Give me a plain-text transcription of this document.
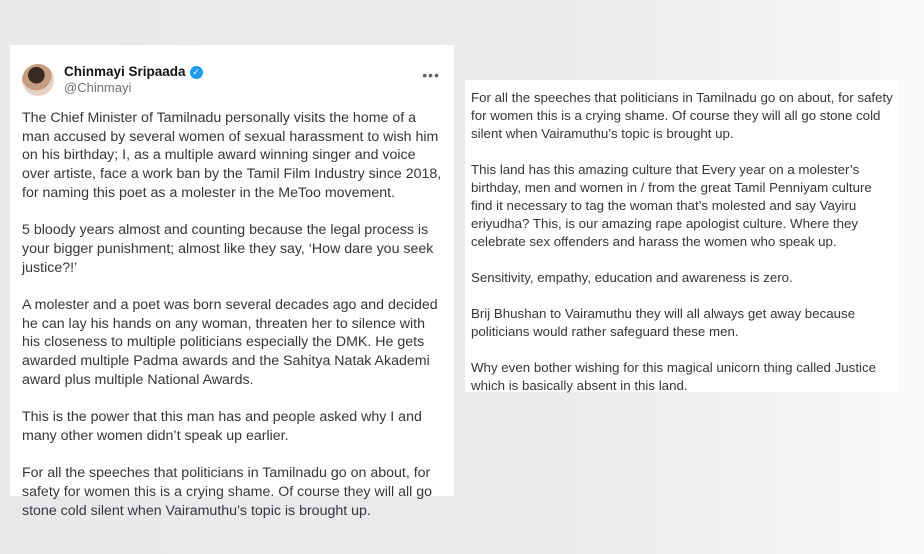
Chinmayi Sripaada ✓
@Chinmayi
•••

The Chief Minister of Tamilnadu personally visits the home of a man accused by several women of sexual harassment to wish him on his birthday; I, as a multiple award winning singer and voice over artiste, face a work ban by the Tamil Film Industry since 2018, for naming this poet as a molester in the MeToo movement.

5 bloody years almost and counting because the legal process is your bigger punishment; almost like they say, ‘How dare you seek justice?!’

A molester and a poet was born several decades ago and decided he can lay his hands on any woman, threaten her to silence with his closeness to multiple politicians especially the DMK. He gets awarded multiple Padma awards and the Sahitya Natak Akademi award plus multiple National Awards.

This is the power that this man has and people asked why I and many other women didn’t speak up earlier.

For all the speeches that politicians in Tamilnadu go on about, for safety for women this is a crying shame. Of course they will all go stone cold silent when Vairamuthu’s topic is brought up.

For all the speeches that politicians in Tamilnadu go on about, for safety for women this is a crying shame. Of course they will all go stone cold silent when Vairamuthu’s topic is brought up.

This land has this amazing culture that Every year on a molester’s birthday, men and women in / from the great Tamil Penniyam culture find it necessary to tag the woman that’s molested and say Vayiru eriyudha? This, is our amazing rape apologist culture. Where they celebrate sex offenders and harass the women who speak up.

Sensitivity, empathy, education and awareness is zero.

Brij Bhushan to Vairamuthu they will all always get away because politicians would rather safeguard these men.

Why even bother wishing for this magical unicorn thing called Justice which is basically absent in this land.
